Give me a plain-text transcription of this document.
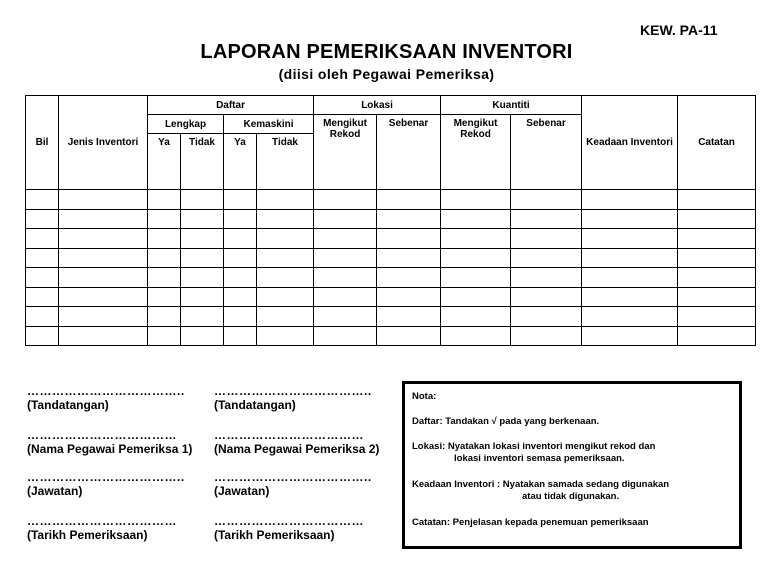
KEW. PA-11
LAPORAN PEMERIKSAAN INVENTORI
(diisi oleh Pegawai Pemeriksa)
Bil	Jenis Inventori	Daftar				Lokasi		Kuantiti		Keadaan Inventori	Catatan
		Lengkap		Kemaskini		Mengikut Rekod	Sebenar	Mengikut Rekod	Sebenar		
		Ya	Tidak	Ya	Tidak						

………………………………..
(Tandatangan)
………………………………
(Nama Pegawai Pemeriksa 1)
………………………………..
(Jawatan)
………………………………
(Tarikh Pemeriksaan)
………………………………..
(Tandatangan)
………………………………
(Nama Pegawai Pemeriksa 2)
………………………………..
(Jawatan)
………………………………
(Tarikh Pemeriksaan)
Nota:
Daftar: Tandakan √ pada yang berkenaan.
Lokasi: Nyatakan lokasi inventori mengikut rekod dan
lokasi inventori semasa pemeriksaan.
Keadaan Inventori : Nyatakan samada sedang digunakan
atau tidak digunakan.
Catatan: Penjelasan kepada penemuan pemeriksaan
